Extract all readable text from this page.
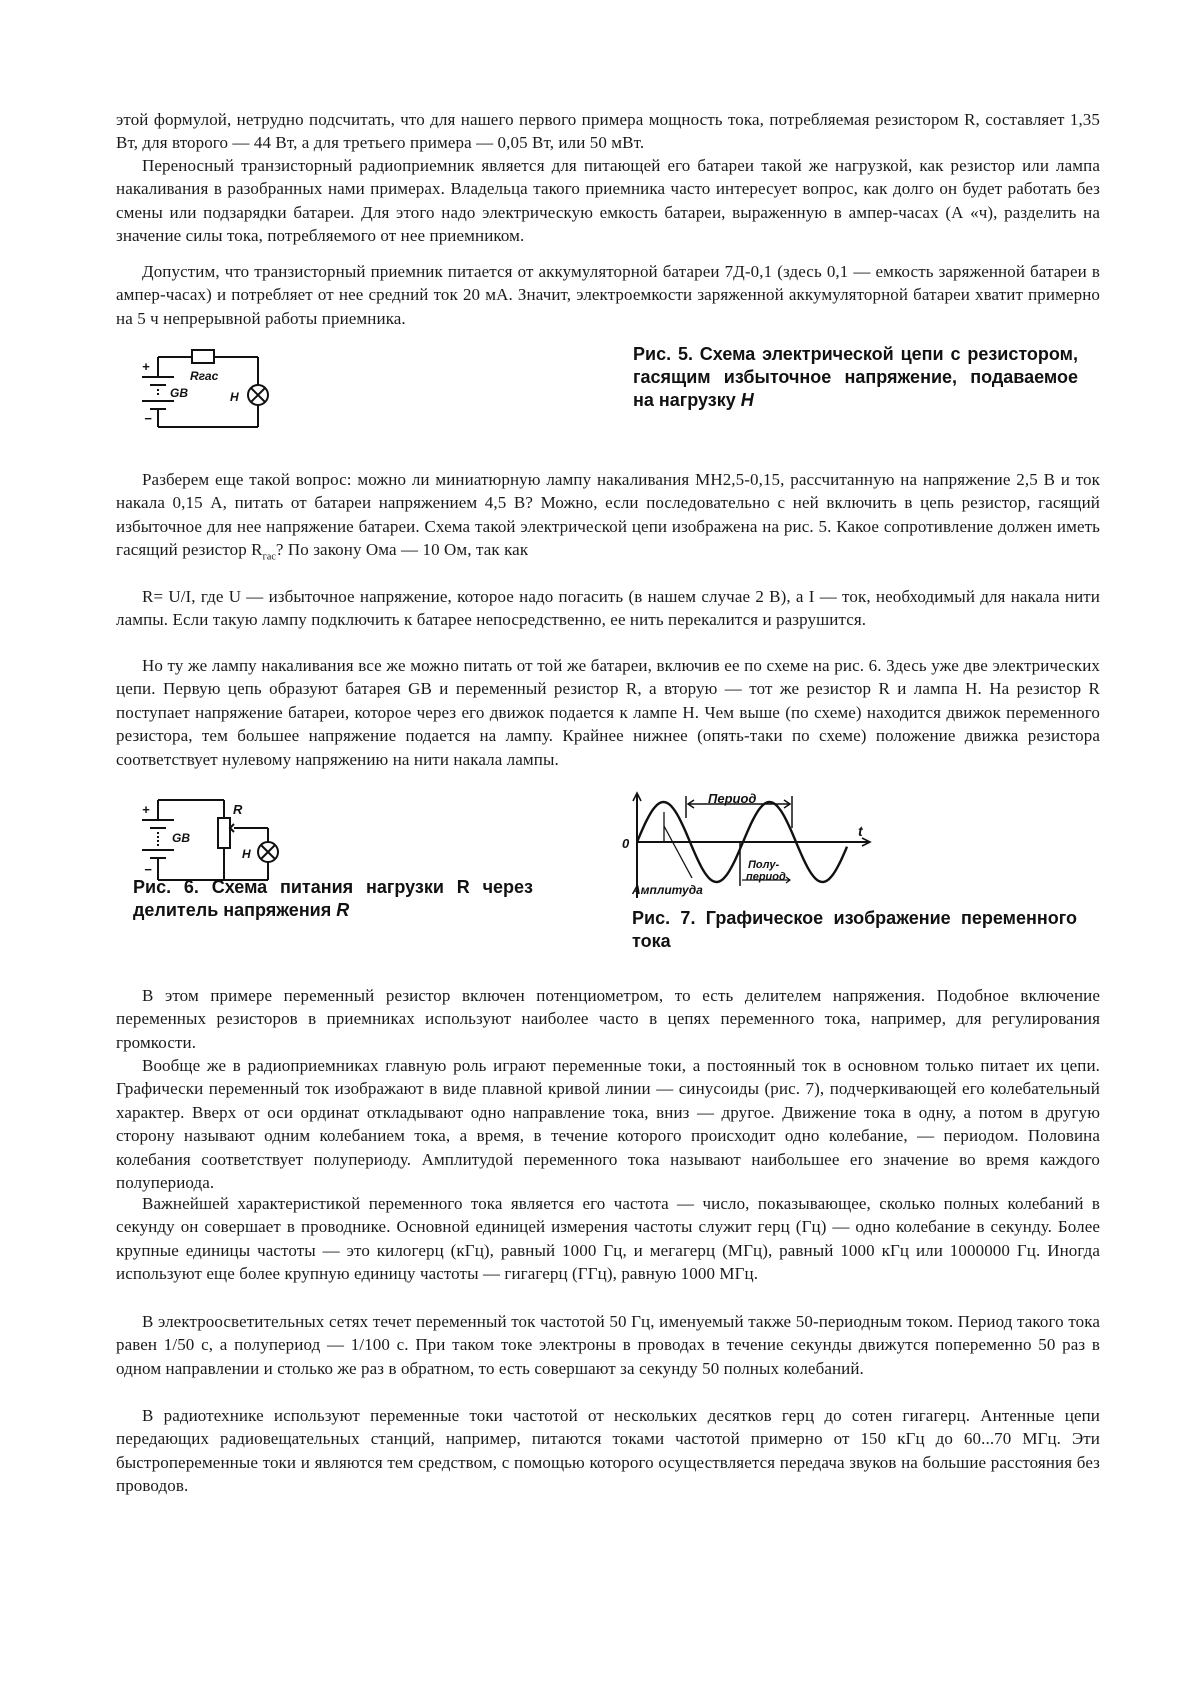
этой формулой, нетрудно подсчитать, что для нашего первого примера мощность тока, потребляемая резистором R, составляет 1,35 Вт, для второго — 44 Вт, а для третьего примера — 0,05 Вт, или 50 мВт.

Переносный транзисторный радиоприемник является для питающей его батареи такой же нагрузкой, как резистор или лампа накаливания в разобранных нами примерах. Владельца такого приемника часто интересует вопрос, как долго он будет работать без смены или подзарядки батареи. Для этого надо электрическую емкость батареи, выраженную в ампер-часах (А «ч), разделить на значение силы тока, потребляемого от нее приемником.

Допустим, что транзисторный приемник питается от аккумуляторной батареи 7Д-0,1 (здесь 0,1 — емкость заряженной батареи в ампер-часах) и потребляет от нее средний ток 20 мА. Значит, электроемкости заряженной аккумуляторной батареи хватит примерно на 5 ч непрерывной работы приемника.

+
−
Rгас
GB	H

Рис. 5. Схема электрической цепи с резистором, гасящим избыточное напряжение, подаваемое на нагрузку H

Разберем еще такой вопрос: можно ли миниатюрную лампу накаливания МН2,5-0,15, рассчитанную на напряжение 2,5 В и ток накала 0,15 А, питать от батареи напряжением 4,5 В? Можно, если последовательно с ней включить в цепь резистор, гасящий избыточное для нее напряжение батареи. Схема такой электрической цепи изображена на рис. 5. Какое сопротивление должен иметь гасящий резистор $R_{гас}$? По закону Ома — 10 Ом, так как

R= U/I, где U — избыточное напряжение, которое надо погасить (в нашем случае 2 В), а I — ток, необходимый для накала нити лампы. Если такую лампу подключить к батарее непосредственно, ее нить перекалится и разрушится.

Но ту же лампу накаливания все же можно питать от той же батареи, включив ее по схеме на рис. 6. Здесь уже две электрических цепи. Первую цепь образуют батарея GB и переменный резистор R, а вторую — тот же резистор R и лампа H. На резистор R поступает напряжение батареи, которое через его движок подается к лампе H. Чем выше (по схеме) находится движок переменного резистора, тем большее напряжение подается на лампу. Крайнее нижнее (опять-таки по схеме) положение движка резистора соответствует нулевому напряжению на нити накала лампы.

+
−
R
GB
H

Рис. 6. Схема питания нагрузки R через делитель напряжения R

Период
0
t
Полу-
период
Амплитуда

Рис. 7. Графическое изображение переменного тока

В этом примере переменный резистор включен потенциометром, то есть делителем напряжения. Подобное включение переменных резисторов в приемниках используют наиболее часто в цепях переменного тока, например, для регулирования громкости.

Вообще же в радиоприемниках главную роль играют переменные токи, а постоянный ток в основном только питает их цепи. Графически переменный ток изображают в виде плавной кривой линии — синусоиды (рис. 7), подчеркивающей его колебательный характер. Вверх от оси ординат откладывают одно направление тока, вниз — другое. Движение тока в одну, а потом в другую сторону называют одним колебанием тока, а время, в течение которого происходит одно колебание, — периодом. Половина колебания соответствует полупериоду. Амплитудой переменного тока называют наибольшее его значение во время каждого полупериода.

Важнейшей характеристикой переменного тока является его частота — число, показывающее, сколько полных колебаний в секунду он совершает в проводнике. Основной единицей измерения частоты служит герц (Гц) — одно колебание в секунду. Более крупные единицы частоты — это килогерц (кГц), равный 1000 Гц, и мегагерц (МГц), равный 1000 кГц или 1000000 Гц. Иногда используют еще более крупную единицу частоты — гигагерц (ГГц), равную 1000 МГц.

В электроосветительных сетях течет переменный ток частотой 50 Гц, именуемый также 50-периодным током. Период такого тока равен 1/50 с, а полупериод — 1/100 с. При таком токе электроны в проводах в течение секунды движутся попеременно 50 раз в одном направлении и столько же раз в обратном, то есть совершают за секунду 50 полных колебаний.

В радиотехнике используют переменные токи частотой от нескольких десятков герц до сотен гигагерц. Антенные цепи передающих радиовещательных станций, например, питаются токами частотой примерно от 150 кГц до 60...70 МГц. Эти быстропеременные токи и являются тем средством, с помощью которого осуществляется передача звуков на большие расстояния без проводов.
